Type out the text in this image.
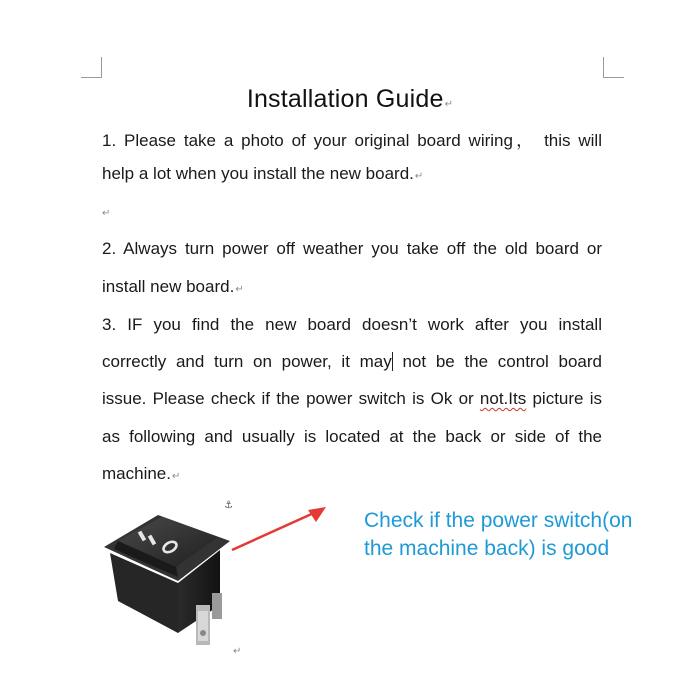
Installation Guide↵
1. Please take a photo of your original board wiring， this will
help a lot when you install the new board.↵
↵
2. Always turn power off weather you take off the old board or
install new board.↵
3. IF you find the new board doesn’t work after you install
correctly and turn on power, it may not be the control board
issue. Please check if the power switch is Ok or not.Its picture is
as following and usually is located at the back or side of the
machine.↵
⚓
Check if the power switch(on
the machine back) is good
↵
